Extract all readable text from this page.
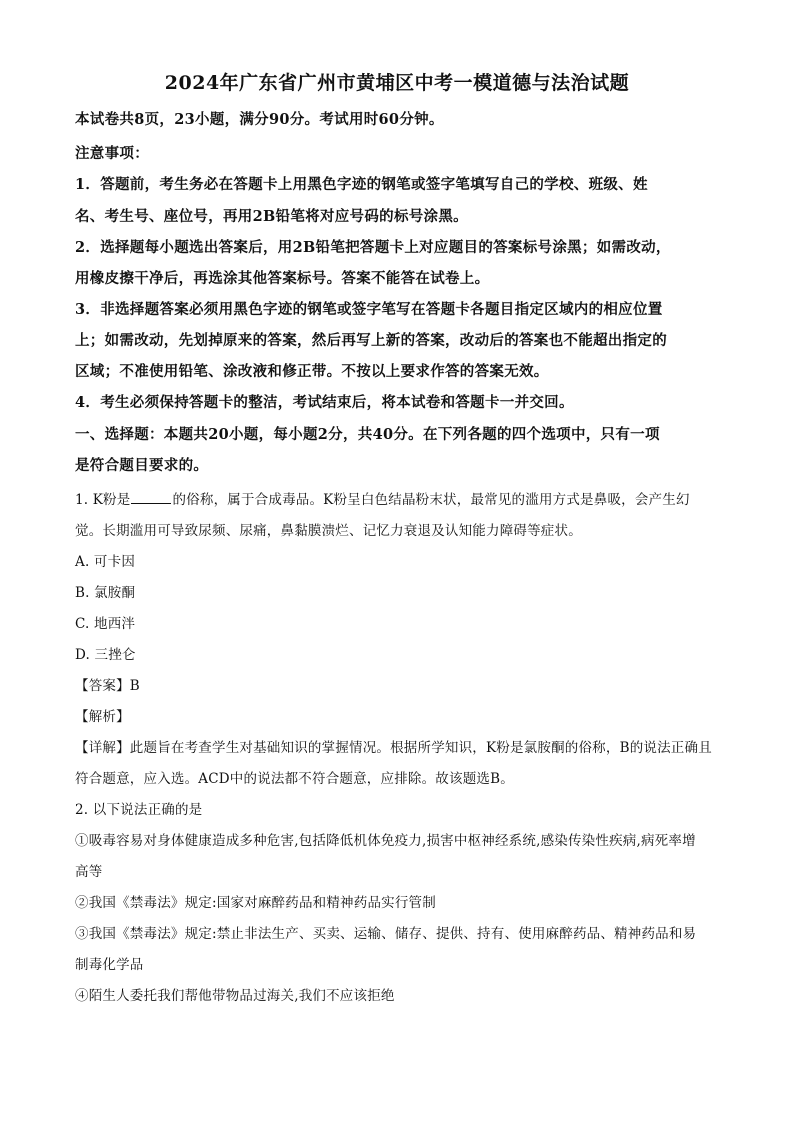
2024年广东省广州市黄埔区中考一模道德与法治试题
本试卷共8页，23小题，满分90分。考试用时60分钟。
注意事项：
1．答题前，考生务必在答题卡上用黑色字迹的钢笔或签字笔填写自己的学校、班级、姓
名、考生号、座位号，再用2B铅笔将对应号码的标号涂黑。
2．选择题每小题选出答案后，用2B铅笔把答题卡上对应题目的答案标号涂黑；如需改动，
用橡皮擦干净后，再选涂其他答案标号。答案不能答在试卷上。
3．非选择题答案必须用黑色字迹的钢笔或签字笔写在答题卡各题目指定区域内的相应位置
上；如需改动，先划掉原来的答案，然后再写上新的答案，改动后的答案也不能超出指定的
区域；不准使用铅笔、涂改液和修正带。不按以上要求作答的答案无效。
4．考生必须保持答题卡的整洁，考试结束后，将本试卷和答题卡一并交回。
一、选择题：本题共20小题，每小题2分，共40分。在下列各题的四个选项中，只有一项
是符合题目要求的。
1. K粉是	的俗称，属于合成毒品。K粉呈白色结晶粉末状，最常见的滥用方式是鼻吸，会产生幻
觉。长期滥用可导致尿频、尿痛，鼻黏膜溃烂、记忆力衰退及认知能力障碍等症状。
A. 可卡因
B. 氯胺酮
C. 地西泮
D. 三挫仑
【答案】B
【解析】
【详解】此题旨在考查学生对基础知识的掌握情况。根据所学知识，K粉是氯胺酮的俗称，B的说法正确且
符合题意，应入选。ACD中的说法都不符合题意，应排除。故该题选B。
2. 以下说法正确的是
①吸毒容易对身体健康造成多种危害,包括降低机体免疫力,损害中枢神经系统,感染传染性疾病,病死率增
高等
②我国《禁毒法》规定:国家对麻醉药品和精神药品实行管制
③我国《禁毒法》规定:禁止非法生产、买卖、运输、储存、提供、持有、使用麻醉药品、精神药品和易
制毒化学品
④陌生人委托我们帮他带物品过海关,我们不应该拒绝
